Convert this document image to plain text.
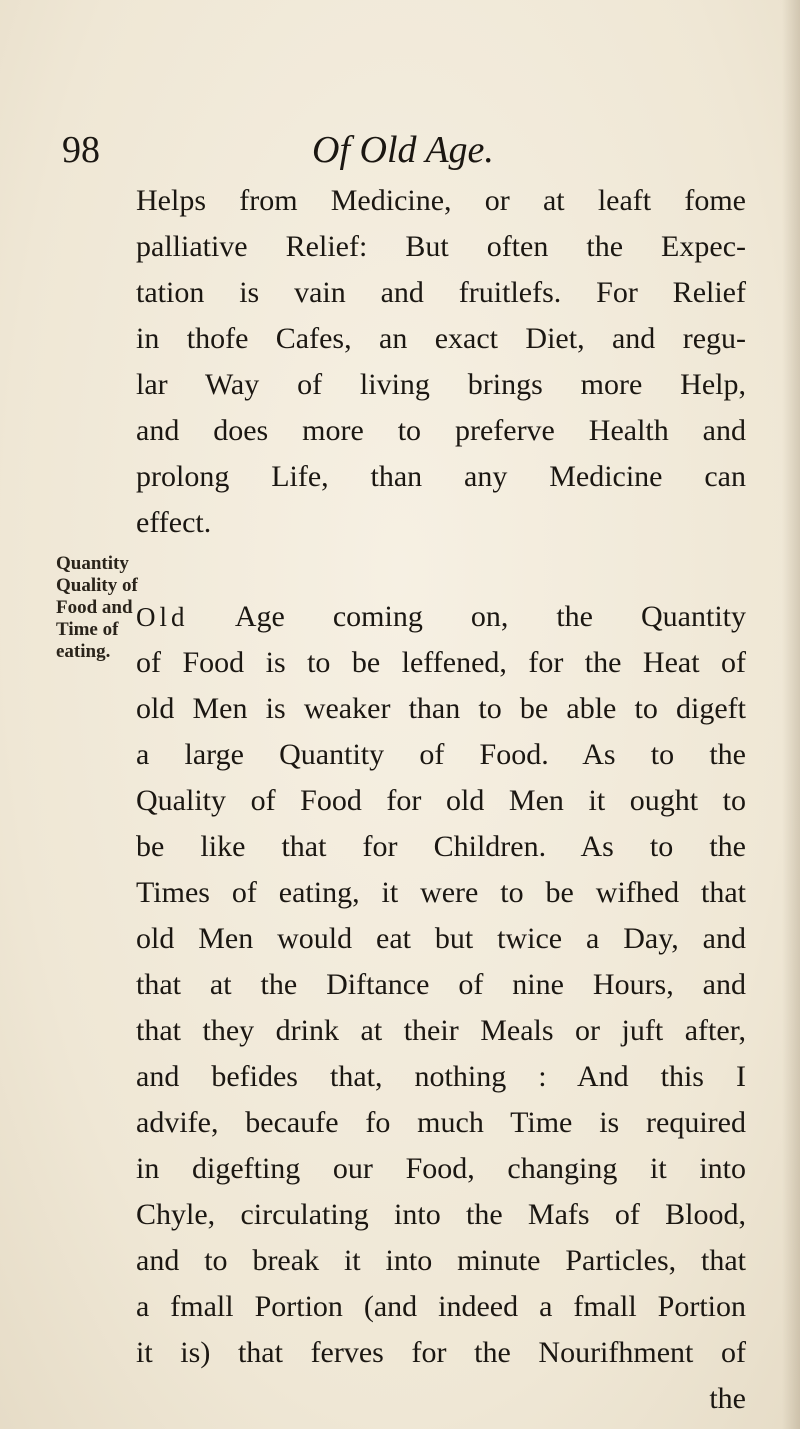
98	Of Old Age.
Quantity
Quality of
Food and
Time of
eating.
Helps from Medicine, or at leaft fome
palliative Relief: But often the Expec-
tation is vain and fruitlefs. For Relief
in thofe Cafes, an exact Diet, and regu-
lar Way of living brings more Help,
and does more to preferve Health and
prolong Life, than any Medicine can
effect.
Old Age coming on, the Quantity
of Food is to be leffened, for the Heat of
old Men is weaker than to be able to digeft
a large Quantity of Food. As to the
Quality of Food for old Men it ought to
be like that for Children. As to the
Times of eating, it were to be wifhed that
old Men would eat but twice a Day, and
that at the Diftance of nine Hours, and
that they drink at their Meals or juft after,
and befides that, nothing : And this I
advife, becaufe fo much Time is required
in digefting our Food, changing it into
Chyle, circulating into the Mafs of Blood,
and to break it into minute Particles, that
a fmall Portion (and indeed a fmall Portion
it is) that ferves for the Nourifhment of
the
